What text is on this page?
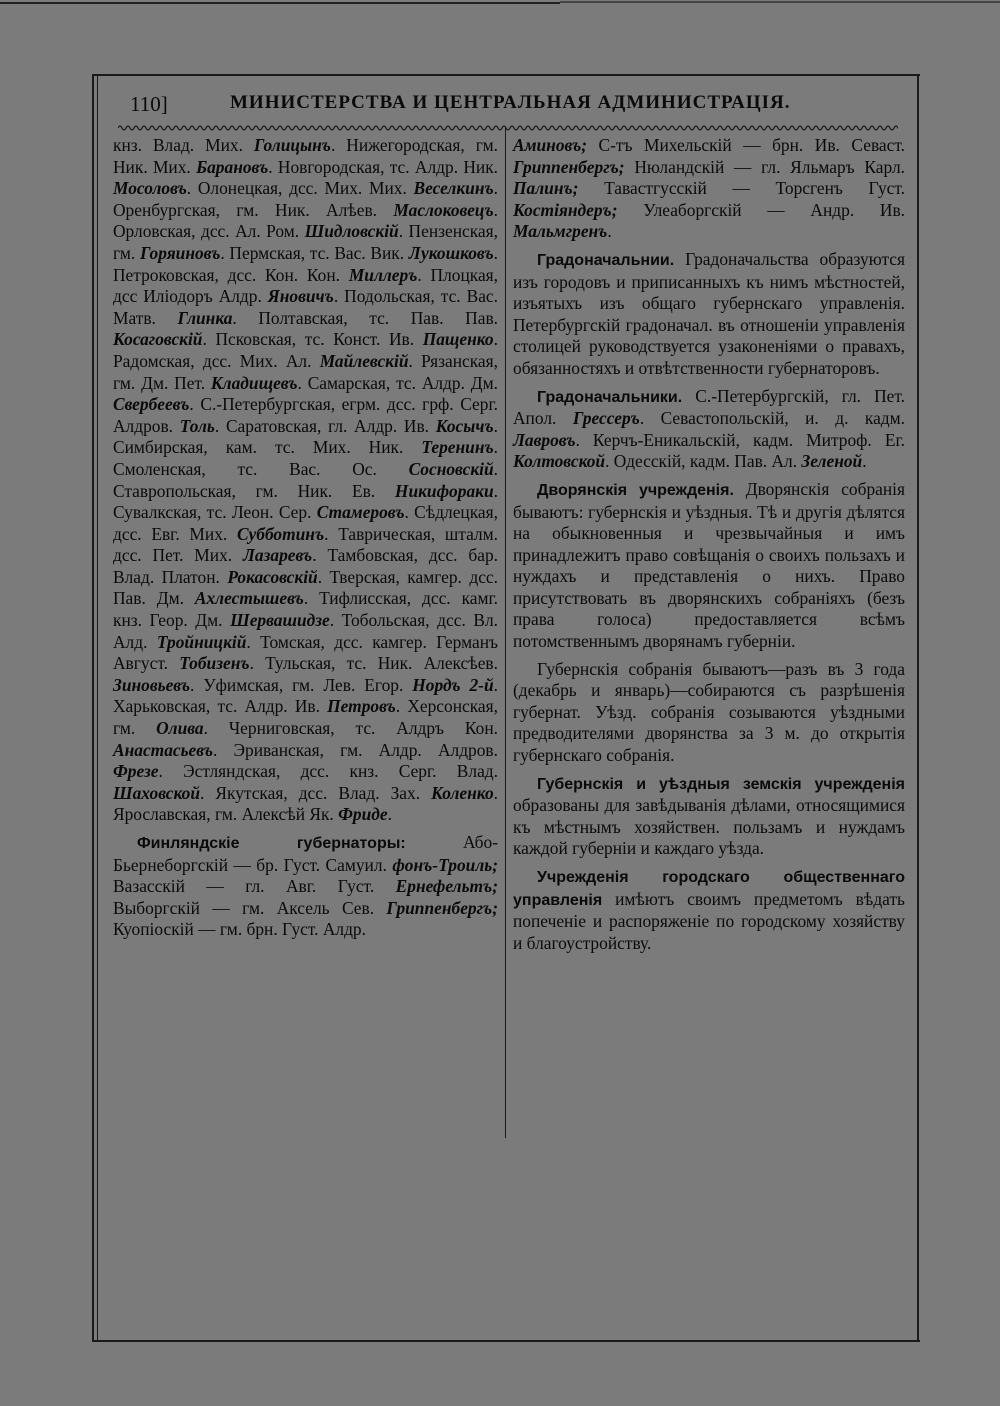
110]	МИНИСТЕРСТВА И ЦЕНТРАЛЬНАЯ АДМИНИСТРАЦІЯ.

кнз. Влад. Мих. Голицынъ. Нижегородская, гм. Ник. Мих. Барановъ. Новгородская, тс. Алдр. Ник. Мосоловъ. Олонецкая, дсс. Мих. Мих. Веселкинъ. Оренбургская, гм. Ник. Алѣев. Маслоковецъ. Орловская, дсс. Ал. Ром. Шидловскій. Пензенская, гм. Горяиновъ. Пермская, тс. Вас. Вик. Лукошковъ. Петроковская, дсс. Кон. Кон. Миллеръ. Плоцкая, дсс Иліодоръ Алдр. Яновичъ. Подольская, тс. Вас. Матв. Глинка. Полтавская, тс. Пав. Пав. Косаговскій. Псковская, тс. Конст. Ив. Пащенко. Радомская, дсс. Мих. Ал. Майлевскій. Рязанская, гм. Дм. Пет. Кладищевъ. Самарская, тс. Алдр. Дм. Свербеевъ. С.-Петербургская, егрм. дсс. грф. Серг. Алдров. Толь. Саратовская, гл. Алдр. Ив. Косычъ. Симбирская, кам. тс. Мих. Ник. Теренинъ. Смоленская, тс. Вас. Ос. Сосновскій. Ставропольская, гм. Ник. Ев. Никифораки. Сувалкская, тс. Леон. Сер. Стамеровъ. Сѣдлецкая, дсс. Евг. Мих. Субботинъ. Таврическая, шталм. дсс. Пет. Мих. Лазаревъ. Тамбовская, дсс. бар. Влад. Платон. Рокасовскій. Тверская, камгер. дсс. Пав. Дм. Ахлестышевъ. Тифлисская, дсс. камг. кнз. Геор. Дм. Шервашидзе. Тобольская, дсс. Вл. Алд. Тройницкій. Томская, дсс. камгер. Германъ Август. Тобизенъ. Тульская, тс. Ник. Алексѣев. Зиновьевъ. Уфимская, гм. Лев. Егор. Нордъ 2-й. Харьковская, тс. Алдр. Ив. Петровъ. Херсонская, гм. Олива. Черниговская, тс. Алдръ Кон. Анастасьевъ. Эриванская, гм. Алдр. Алдров. Фрезе. Эстляндская, дсс. кнз. Серг. Влад. Шаховской. Якутская, дсс. Влад. Зах. Коленко. Ярославская, гм. Алексѣй Як. Фриде.

Финляндскіе губернаторы: Або-Бьернеборгскій — бр. Густ. Самуил. фонъ-Троиль; Вазасскій — гл. Авг. Густ. Ернефельтъ; Выборгскій — гм. Аксель Сев. Гриппенбергъ; Куопіоскій — гм. брн. Густ. Алдр.

Аминовъ; С-тъ Михельскій — брн. Ив. Севаст. Гриппенбергъ; Нюландскій — гл. Яльмаръ Карл. Палинъ; Тавастгусскій — Торсгенъ Густ. Костіяндеръ; Улеаборгскій — Андр. Ив. Мальмгренъ.

Градоначальнии. Градоначальства образуются изъ городовъ и приписанныхъ къ нимъ мѣстностей, изъятыхъ изъ общаго губернскаго управленія. Петербургскій градоначал. въ отношеніи управленія столицей руководствуется узаконеніями о правахъ, обязанностяхъ и отвѣтственности губернаторовъ.

Градоначальники. С.-Петербургскій, гл. Пет. Апол. Грессеръ. Севастопольскій, и. д. кадм. Лавровъ. Керчъ-Еникальскій, кадм. Митроф. Ег. Колтовской. Одесскій, кадм. Пав. Ал. Зеленой.

Дворянскія учрежденія. Дворянскія собранія бываютъ: губернскія и уѣздныя. Тѣ и другія дѣлятся на обыкновенныя и чрезвычайныя и имъ принадлежитъ право совѣщанія о своихъ пользахъ и нуждахъ и представленія о нихъ. Право присутствовать въ дворянскихъ собраніяхъ (безъ права голоса) предоставляется всѣмъ потомственнымъ дворянамъ губерніи.

Губернскія собранія бываютъ—разъ въ 3 года (декабрь и январь)—собираются съ разрѣшенія губернат. Уѣзд. собранія созываются уѣздными предводителями дворянства за 3 м. до открытія губернскаго собранія.

Губернскія и уѣздныя земскія учрежденія образованы для завѣдыванія дѣлами, относящимися къ мѣстнымъ хозяйствен. пользамъ и нуждамъ каждой губерніи и каждаго уѣзда.

Учрежденія городскаго общественнаго управленія имѣютъ своимъ предметомъ вѣдать попеченіе и распоряженіе по городскому хозяйству и благоустройству.
